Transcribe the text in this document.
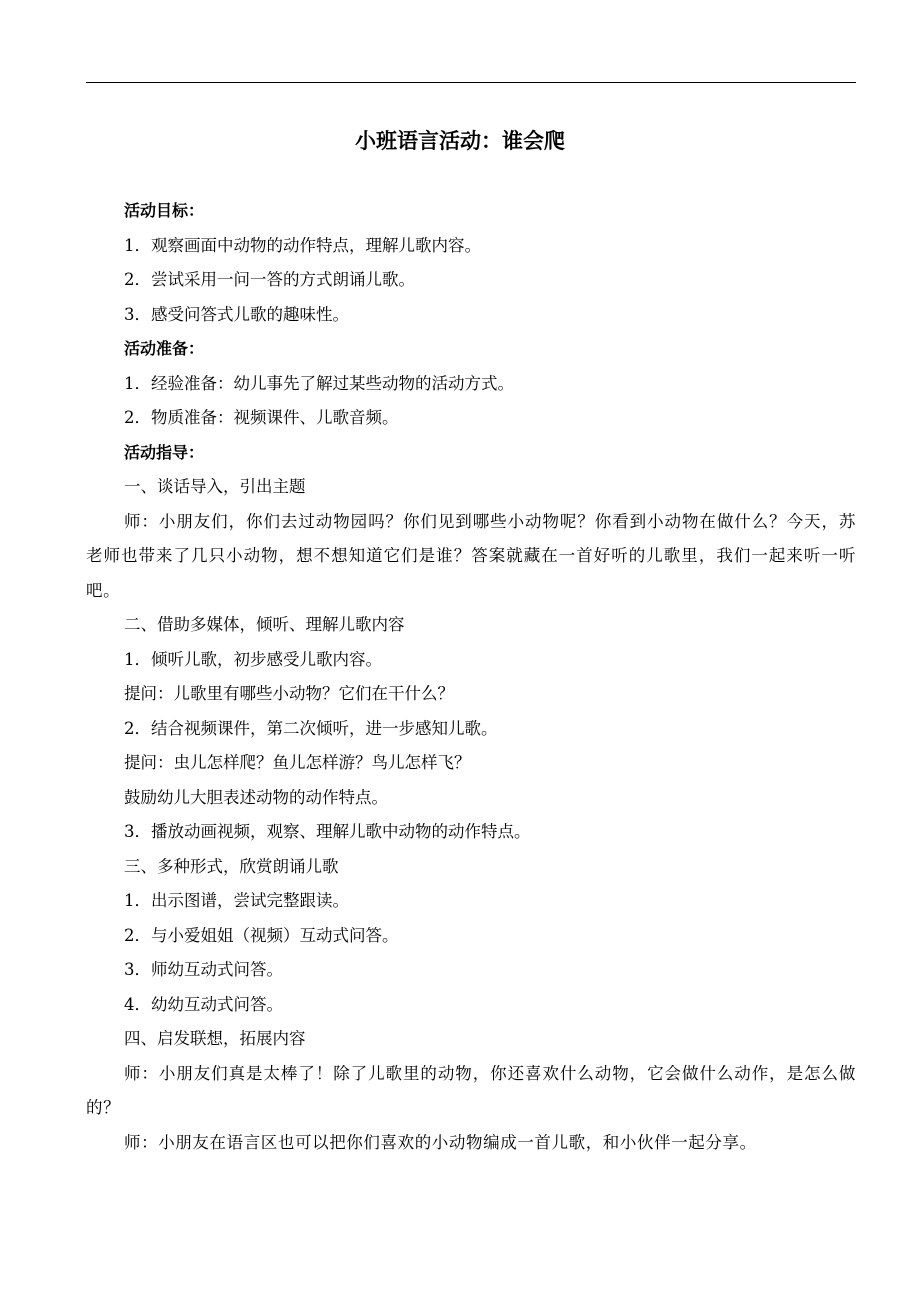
小班语言活动：谁会爬

活动目标：

1．观察画面中动物的动作特点，理解儿歌内容。

2．尝试采用一问一答的方式朗诵儿歌。

3．感受问答式儿歌的趣味性。

活动准备：

1．经验准备：幼儿事先了解过某些动物的活动方式。

2．物质准备：视频课件、儿歌音频。

活动指导：

一、谈话导入，引出主题

师：小朋友们，你们去过动物园吗？你们见到哪些小动物呢？你看到小动物在做什么？今天，苏老师也带来了几只小动物，想不想知道它们是谁？答案就藏在一首好听的儿歌里，我们一起来听一听吧。

二、借助多媒体，倾听、理解儿歌内容

1．倾听儿歌，初步感受儿歌内容。

提问：儿歌里有哪些小动物？它们在干什么？

2．结合视频课件，第二次倾听，进一步感知儿歌。

提问：虫儿怎样爬？鱼儿怎样游？鸟儿怎样飞？

鼓励幼儿大胆表述动物的动作特点。

3．播放动画视频，观察、理解儿歌中动物的动作特点。

三、多种形式，欣赏朗诵儿歌

1．出示图谱，尝试完整跟读。

2．与小爱姐姐（视频）互动式问答。

3．师幼互动式问答。

4．幼幼互动式问答。

四、启发联想，拓展内容

师：小朋友们真是太棒了！除了儿歌里的动物，你还喜欢什么动物，它会做什么动作，是怎么做的？

师：小朋友在语言区也可以把你们喜欢的小动物编成一首儿歌，和小伙伴一起分享。
